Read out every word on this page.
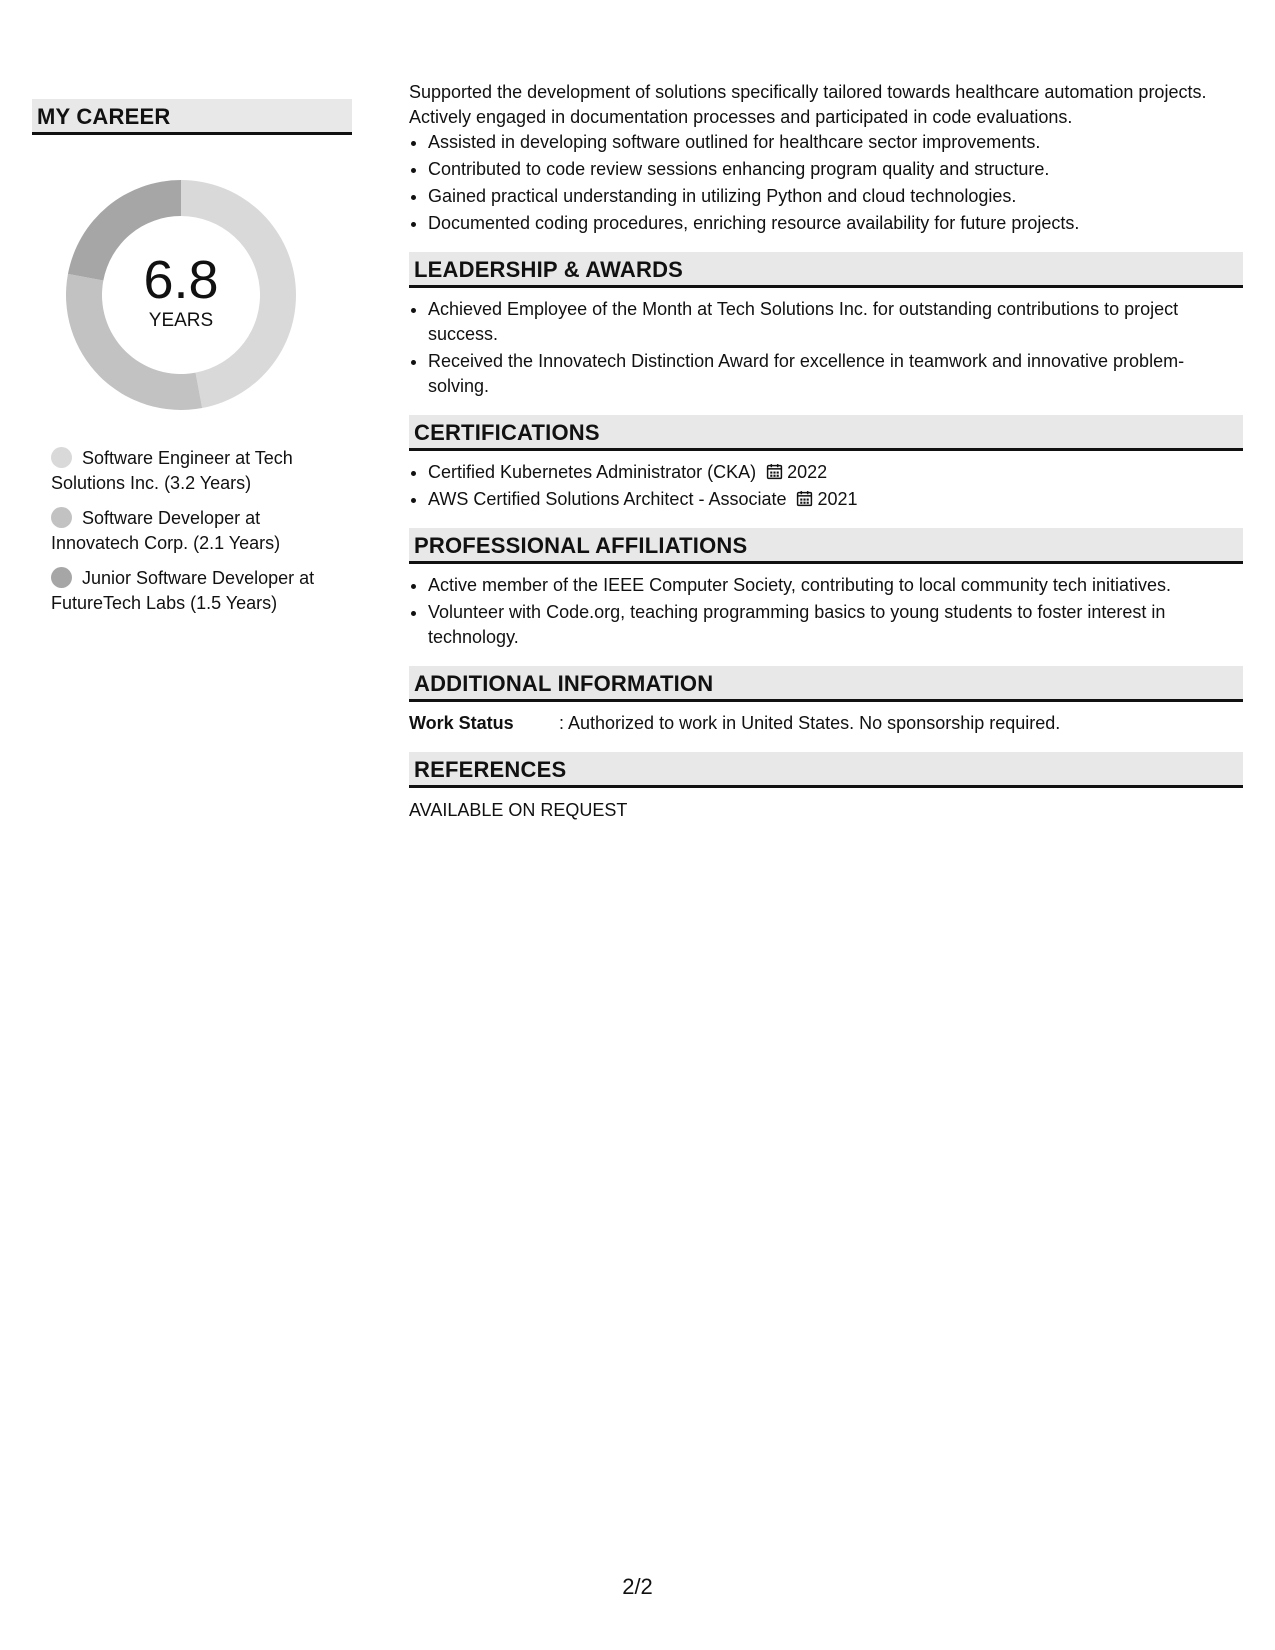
MY CAREER
6.8
YEARS
Software Engineer at Tech Solutions Inc. (3.2 Years)
Software Developer at Innovatech Corp. (2.1 Years)
Junior Software Developer at FutureTech Labs (1.5 Years)

Supported the development of solutions specifically tailored towards healthcare automation projects. Actively engaged in documentation processes and participated in code evaluations.

• Assisted in developing software outlined for healthcare sector improvements.
• Contributed to code review sessions enhancing program quality and structure.
• Gained practical understanding in utilizing Python and cloud technologies.
• Documented coding procedures, enriching resource availability for future projects.
LEADERSHIP & AWARDS
• Achieved Employee of the Month at Tech Solutions Inc. for outstanding contributions to project success.
• Received the Innovatech Distinction Award for excellence in teamwork and innovative problem-solving.
CERTIFICATIONS
• Certified Kubernetes Administrator (CKA) 2022
• AWS Certified Solutions Architect - Associate 2021
PROFESSIONAL AFFILIATIONS
• Active member of the IEEE Computer Society, contributing to local community tech initiatives.
• Volunteer with Code.org, teaching programming basics to young students to foster interest in technology.
ADDITIONAL INFORMATION
Work Status	: Authorized to work in United States. No sponsorship required.
REFERENCES

AVAILABLE ON REQUEST

2/2
